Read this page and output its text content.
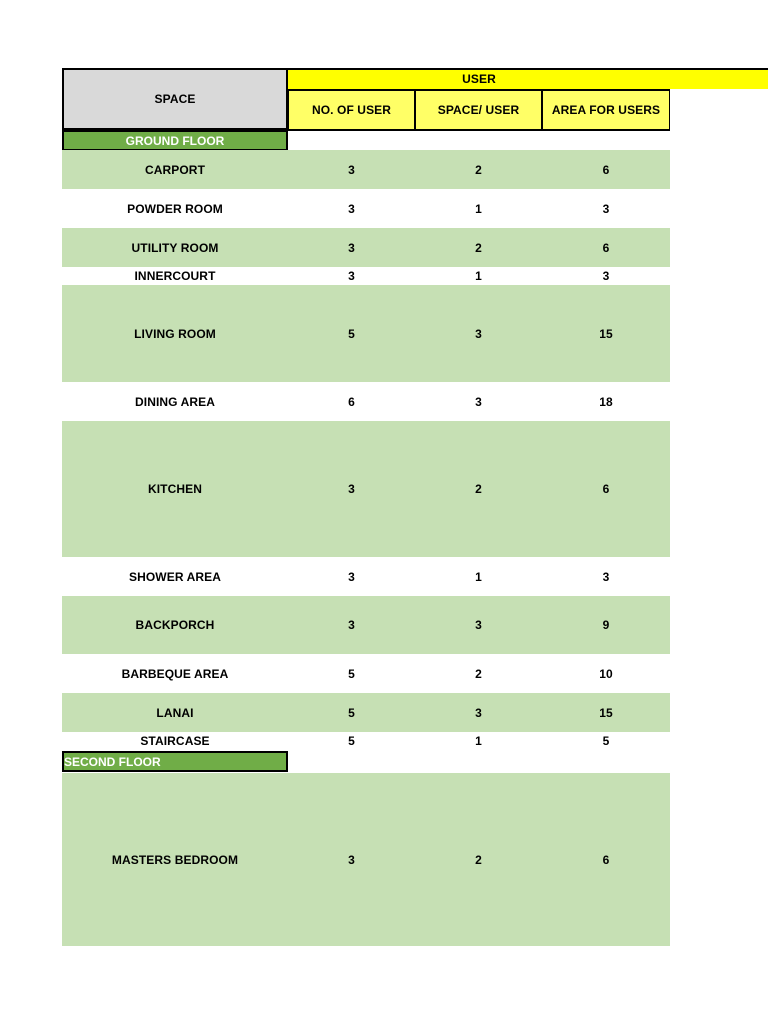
SPACE
USER
NO. OF USER	SPACE/ USER	AREA FOR USERS
GROUND FLOOR
CARPORT	3	2	6
POWDER ROOM	3	1	3
UTILITY ROOM	3	2	6
INNERCOURT	3	1	3
LIVING ROOM	5	3	15
DINING AREA	6	3	18
KITCHEN	3	2	6
SHOWER AREA	3	1	3
BACKPORCH	3	3	9
BARBEQUE AREA	5	2	10
LANAI	5	3	15
STAIRCASE	5	1	5
SECOND FLOOR
MASTERS BEDROOM	3	2	6
